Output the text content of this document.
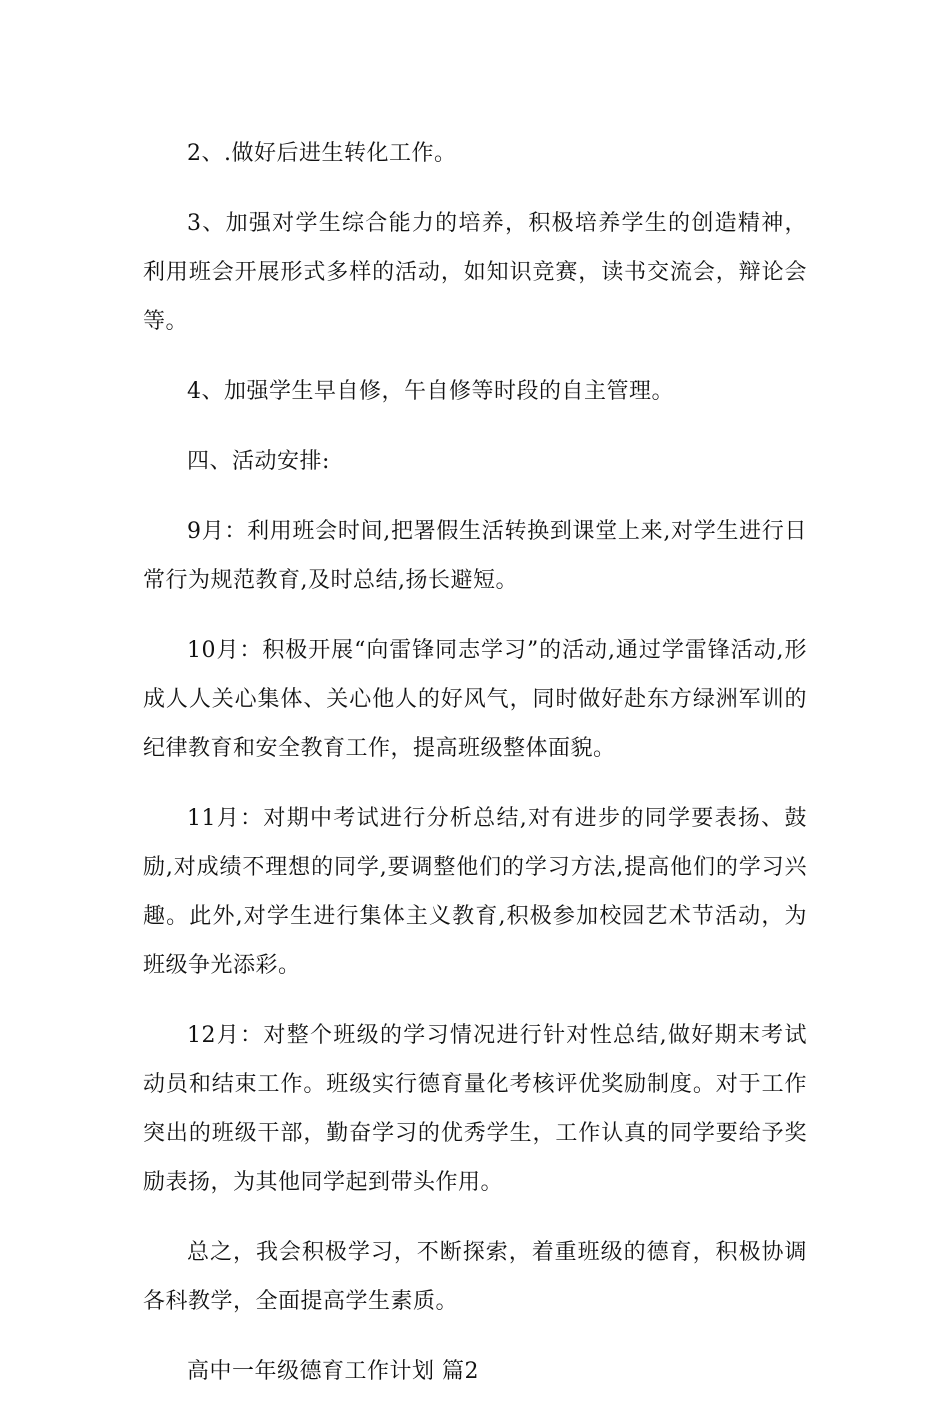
2、.做好后进生转化工作。

3、加强对学生综合能力的培养，积极培养学生的创造精神，利用班会开展形式多样的活动，如知识竞赛，读书交流会，辩论会等。

4、加强学生早自修，午自修等时段的自主管理。

四、活动安排:

9月：利用班会时间,把署假生活转换到课堂上来,对学生进行日常行为规范教育,及时总结,扬长避短。

10月：积极开展“向雷锋同志学习”的活动,通过学雷锋活动,形成人人关心集体、关心他人的好风气，同时做好赴东方绿洲军训的纪律教育和安全教育工作，提高班级整体面貌。

11月：对期中考试进行分析总结,对有进步的同学要表扬、鼓励,对成绩不理想的同学,要调整他们的学习方法,提高他们的学习兴趣。此外,对学生进行集体主义教育,积极参加校园艺术节活动，为班级争光添彩。

12月：对整个班级的学习情况进行针对性总结,做好期末考试动员和结束工作。班级实行德育量化考核评优奖励制度。对于工作突出的班级干部，勤奋学习的优秀学生，工作认真的同学要给予奖励表扬，为其他同学起到带头作用。

总之，我会积极学习，不断探索，着重班级的德育，积极协调各科教学，全面提高学生素质。

高中一年级德育工作计划 篇2
